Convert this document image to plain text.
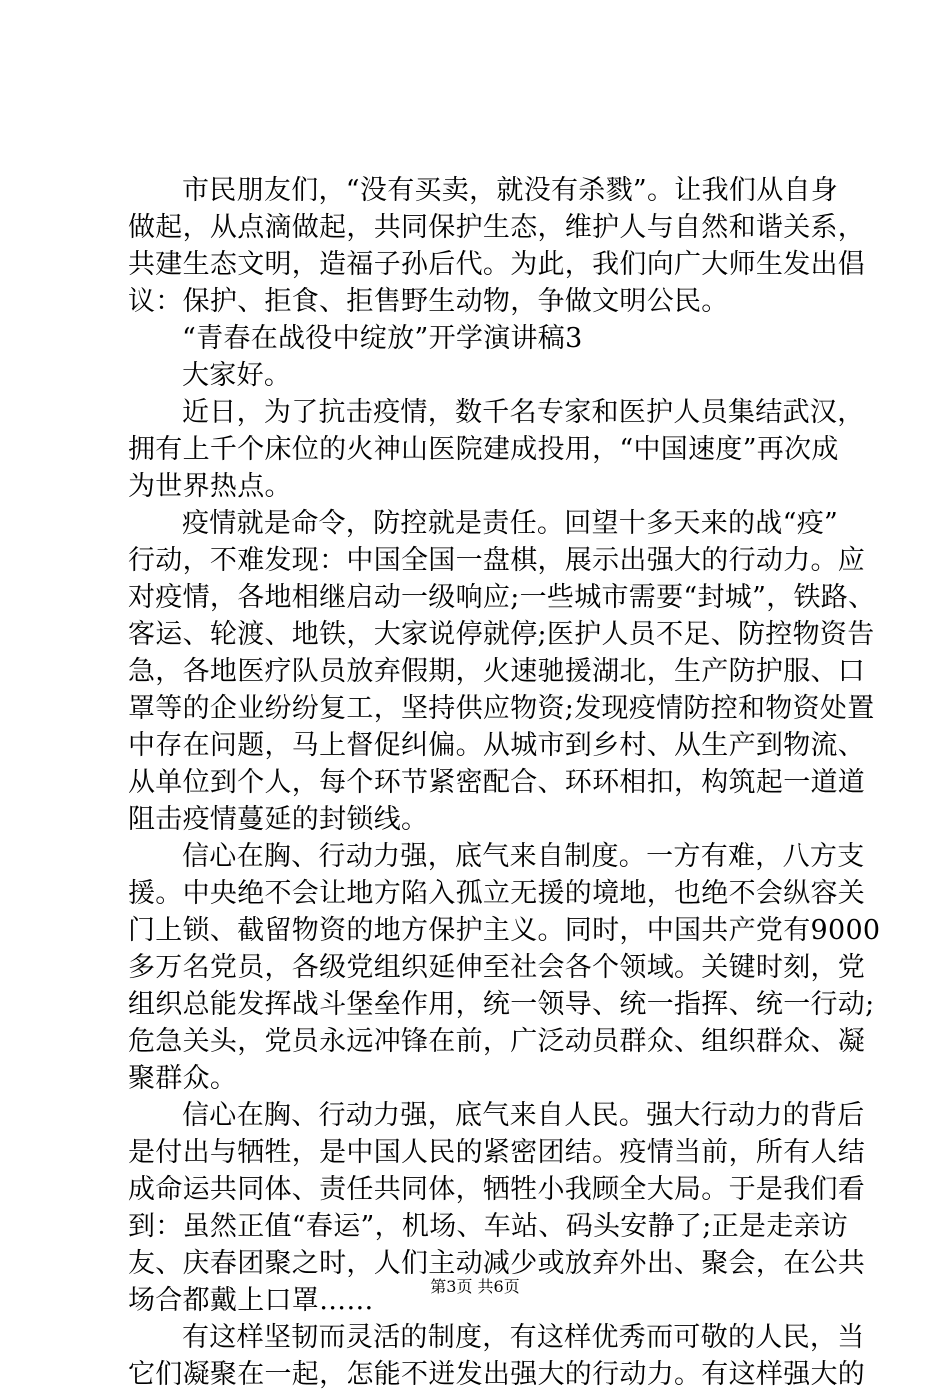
市民朋友们，“没有买卖，就没有杀戮”。让我们从自身
做起，从点滴做起，共同保护生态，维护人与自然和谐关系，
共建生态文明，造福子孙后代。为此，我们向广大师生发出倡
议：保护、拒食、拒售野生动物，争做文明公民。

“青春在战役中绽放”开学演讲稿3

大家好。

近日，为了抗击疫情，数千名专家和医护人员集结武汉，
拥有上千个床位的火神山医院建成投用，“中国速度”再次成
为世界热点。

疫情就是命令，防控就是责任。回望十多天来的战“疫”
行动，不难发现：中国全国一盘棋，展示出强大的行动力。应
对疫情，各地相继启动一级响应;一些城市需要“封城”，铁路、
客运、轮渡、地铁，大家说停就停;医护人员不足、防控物资告
急，各地医疗队员放弃假期，火速驰援湖北，生产防护服、口
罩等的企业纷纷复工，坚持供应物资;发现疫情防控和物资处置
中存在问题，马上督促纠偏。从城市到乡村、从生产到物流、
从单位到个人，每个环节紧密配合、环环相扣，构筑起一道道
阻击疫情蔓延的封锁线。

信心在胸、行动力强，底气来自制度。一方有难，八方支
援。中央绝不会让地方陷入孤立无援的境地，也绝不会纵容关
门上锁、截留物资的地方保护主义。同时，中国共产党有9000
多万名党员，各级党组织延伸至社会各个领域。关键时刻，党
组织总能发挥战斗堡垒作用，统一领导、统一指挥、统一行动;
危急关头，党员永远冲锋在前，广泛动员群众、组织群众、凝
聚群众。

信心在胸、行动力强，底气来自人民。强大行动力的背后
是付出与牺牲，是中国人民的紧密团结。疫情当前，所有人结
成命运共同体、责任共同体，牺牲小我顾全大局。于是我们看
到：虽然正值“春运”，机场、车站、码头安静了;正是走亲访
友、庆春团聚之时，人们主动减少或放弃外出、聚会，在公共
场合都戴上口罩……

有这样坚韧而灵活的制度，有这样优秀而可敬的人民，当
它们凝聚在一起，怎能不迸发出强大的行动力。有这样强大的

第3页 共6页
